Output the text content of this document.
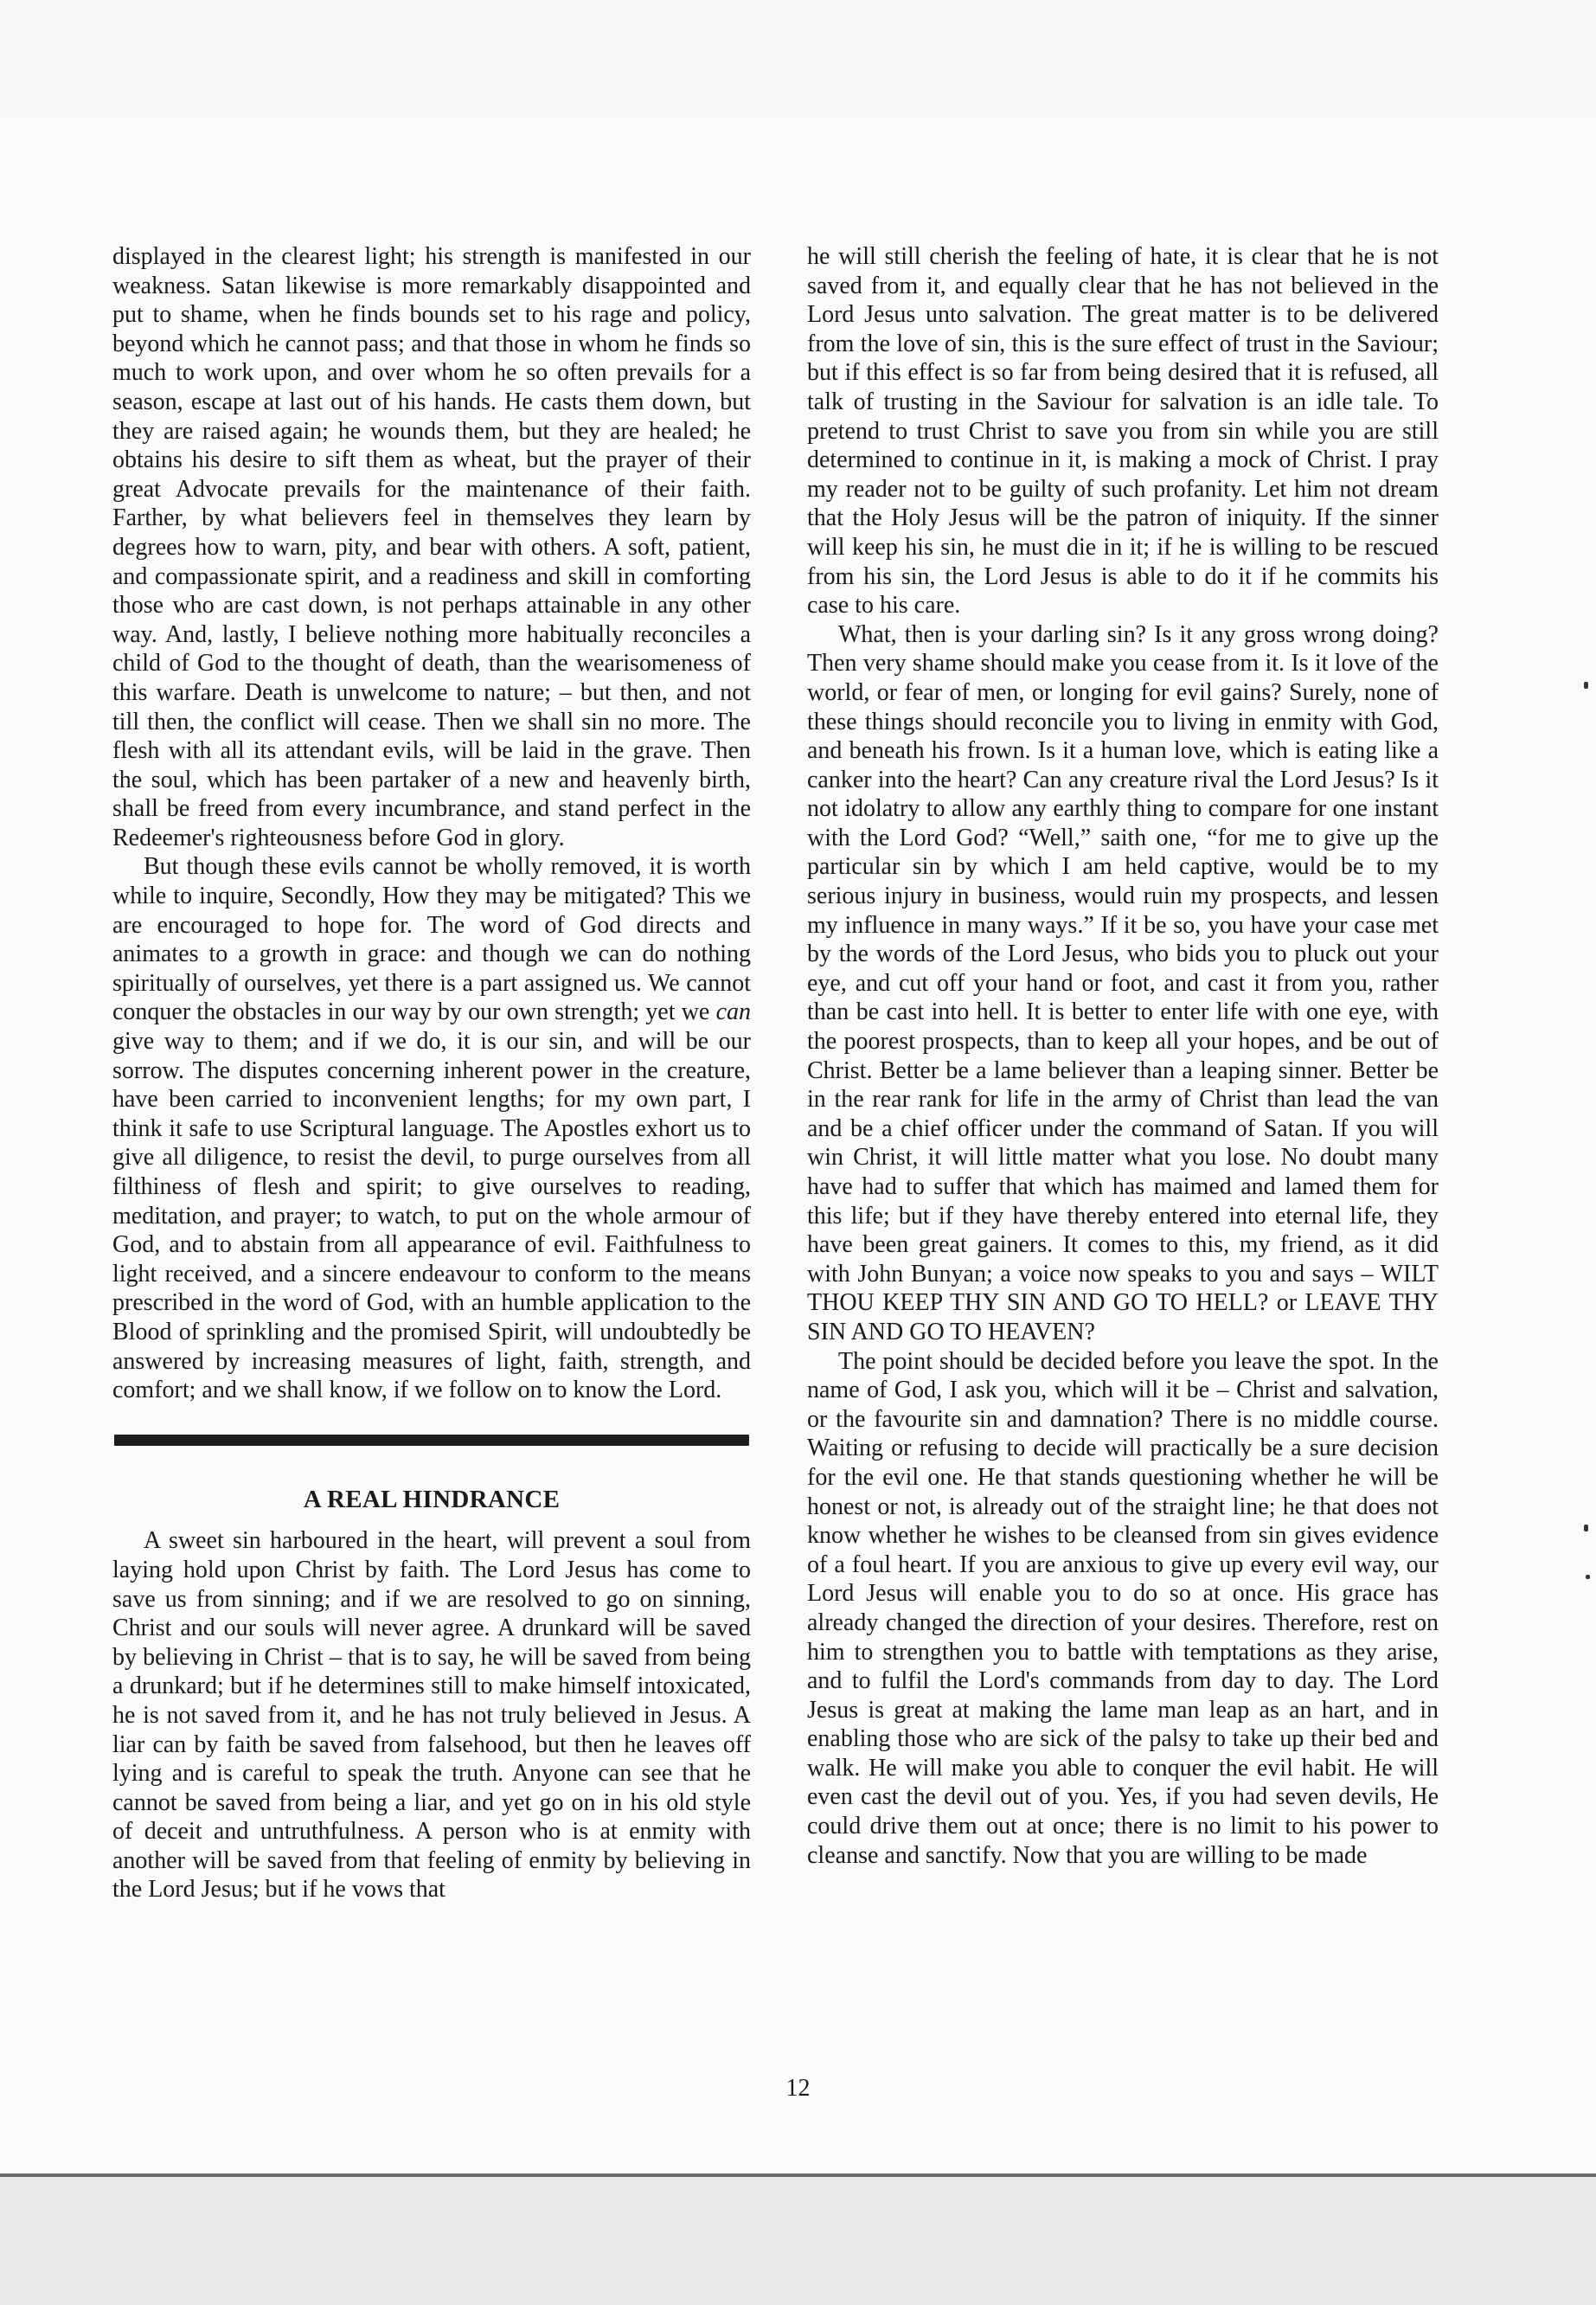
displayed in the clearest light; his strength is manifested in our weakness. Satan likewise is more remarkably disappointed and put to shame, when he finds bounds set to his rage and policy, beyond which he cannot pass; and that those in whom he finds so much to work upon, and over whom he so often prevails for a season, escape at last out of his hands. He casts them down, but they are raised again; he wounds them, but they are healed; he obtains his desire to sift them as wheat, but the prayer of their great Advocate prevails for the maintenance of their faith. Farther, by what believers feel in themselves they learn by degrees how to warn, pity, and bear with others. A soft, patient, and compassionate spirit, and a readiness and skill in comforting those who are cast down, is not perhaps attainable in any other way. And, lastly, I believe nothing more habitually reconciles a child of God to the thought of death, than the wearisomeness of this warfare. Death is unwelcome to nature; – but then, and not till then, the conflict will cease. Then we shall sin no more. The flesh with all its attendant evils, will be laid in the grave. Then the soul, which has been partaker of a new and heavenly birth, shall be freed from every incumbrance, and stand perfect in the Redeemer's righteousness before God in glory.

But though these evils cannot be wholly removed, it is worth while to inquire, Secondly, How they may be mitigated? This we are encouraged to hope for. The word of God directs and animates to a growth in grace: and though we can do nothing spiritually of ourselves, yet there is a part assigned us. We cannot conquer the obstacles in our way by our own strength; yet we can give way to them; and if we do, it is our sin, and will be our sorrow. The disputes concerning inherent power in the creature, have been carried to inconvenient lengths; for my own part, I think it safe to use Scriptural language. The Apostles exhort us to give all diligence, to resist the devil, to purge ourselves from all filthiness of flesh and spirit; to give ourselves to reading, meditation, and prayer; to watch, to put on the whole armour of God, and to abstain from all appearance of evil. Faithfulness to light received, and a sincere endeavour to conform to the means prescribed in the word of God, with an humble application to the Blood of sprinkling and the promised Spirit, will undoubtedly be answered by increasing measures of light, faith, strength, and comfort; and we shall know, if we follow on to know the Lord.

A REAL HINDRANCE

A sweet sin harboured in the heart, will prevent a soul from laying hold upon Christ by faith. The Lord Jesus has come to save us from sinning; and if we are resolved to go on sinning, Christ and our souls will never agree. A drunkard will be saved by believing in Christ – that is to say, he will be saved from being a drunkard; but if he determines still to make himself intoxicated, he is not saved from it, and he has not truly believed in Jesus. A liar can by faith be saved from falsehood, but then he leaves off lying and is careful to speak the truth. Anyone can see that he cannot be saved from being a liar, and yet go on in his old style of deceit and untruthfulness. A person who is at enmity with another will be saved from that feeling of enmity by believing in the Lord Jesus; but if he vows that

he will still cherish the feeling of hate, it is clear that he is not saved from it, and equally clear that he has not believed in the Lord Jesus unto salvation. The great matter is to be delivered from the love of sin, this is the sure effect of trust in the Saviour; but if this effect is so far from being desired that it is refused, all talk of trusting in the Saviour for salvation is an idle tale. To pretend to trust Christ to save you from sin while you are still determined to continue in it, is making a mock of Christ. I pray my reader not to be guilty of such profanity. Let him not dream that the Holy Jesus will be the patron of iniquity. If the sinner will keep his sin, he must die in it; if he is willing to be rescued from his sin, the Lord Jesus is able to do it if he commits his case to his care.

What, then is your darling sin? Is it any gross wrong doing? Then very shame should make you cease from it. Is it love of the world, or fear of men, or longing for evil gains? Surely, none of these things should reconcile you to living in enmity with God, and beneath his frown. Is it a human love, which is eating like a canker into the heart? Can any creature rival the Lord Jesus? Is it not idolatry to allow any earthly thing to compare for one instant with the Lord God? “Well,” saith one, “for me to give up the particular sin by which I am held captive, would be to my serious injury in business, would ruin my prospects, and lessen my influence in many ways.” If it be so, you have your case met by the words of the Lord Jesus, who bids you to pluck out your eye, and cut off your hand or foot, and cast it from you, rather than be cast into hell. It is better to enter life with one eye, with the poorest prospects, than to keep all your hopes, and be out of Christ. Better be a lame believer than a leaping sinner. Better be in the rear rank for life in the army of Christ than lead the van and be a chief officer under the command of Satan. If you will win Christ, it will little matter what you lose. No doubt many have had to suffer that which has maimed and lamed them for this life; but if they have thereby entered into eternal life, they have been great gainers. It comes to this, my friend, as it did with John Bunyan; a voice now speaks to you and says – WILT THOU KEEP THY SIN AND GO TO HELL? or LEAVE THY SIN AND GO TO HEAVEN?

The point should be decided before you leave the spot. In the name of God, I ask you, which will it be – Christ and salvation, or the favourite sin and damnation? There is no middle course. Waiting or refusing to decide will practically be a sure decision for the evil one. He that stands questioning whether he will be honest or not, is already out of the straight line; he that does not know whether he wishes to be cleansed from sin gives evidence of a foul heart. If you are anxious to give up every evil way, our Lord Jesus will enable you to do so at once. His grace has already changed the direction of your desires. Therefore, rest on him to strengthen you to battle with temptations as they arise, and to fulfil the Lord's commands from day to day. The Lord Jesus is great at making the lame man leap as an hart, and in enabling those who are sick of the palsy to take up their bed and walk. He will make you able to conquer the evil habit. He will even cast the devil out of you. Yes, if you had seven devils, He could drive them out at once; there is no limit to his power to cleanse and sanctify. Now that you are willing to be made

12
